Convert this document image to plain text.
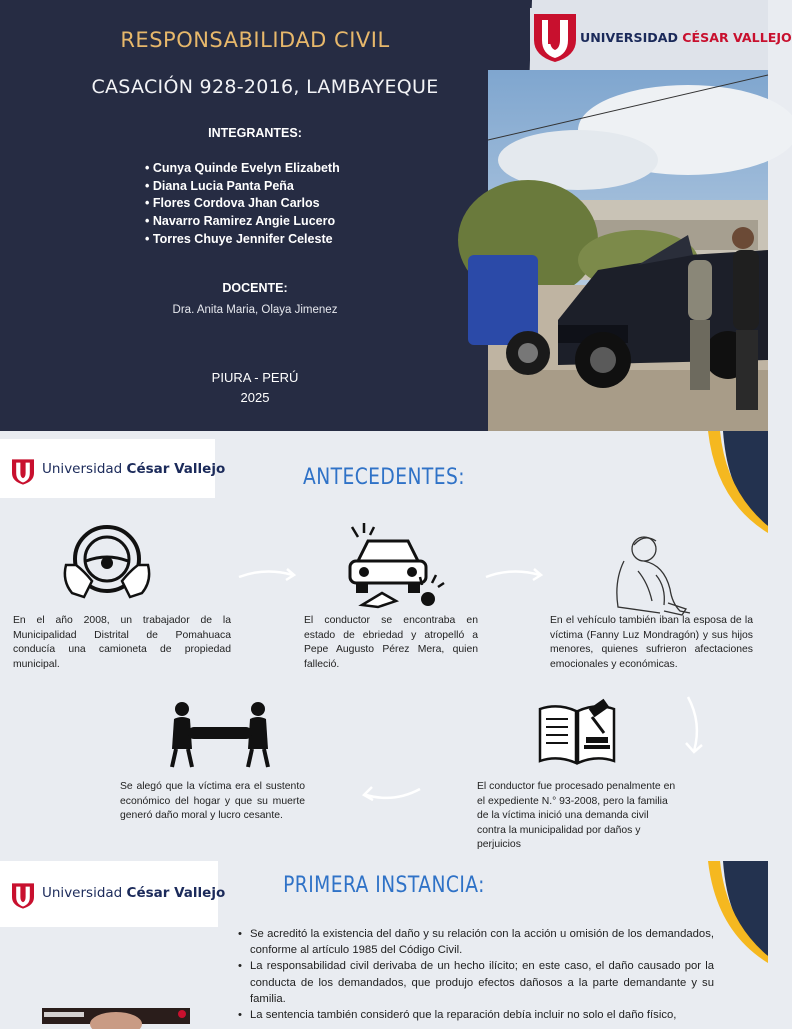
RESPONSABILIDAD CIVIL
CASACIÓN 928-2016, LAMBAYEQUE
INTEGRANTES:
• Cunya Quinde Evelyn Elizabeth
• Diana Lucia Panta Peña
• Flores Cordova Jhan Carlos
• Navarro Ramirez Angie Lucero
• Torres Chuye Jennifer Celeste
DOCENTE:
Dra. Anita Maria, Olaya Jimenez
PIURA - PERÚ
2025
UNIVERSIDAD CÉSAR VALLEJO
Universidad César Vallejo	ANTECEDENTES:
En el año 2008, un trabajador de la Municipalidad Distrital de Pomahuaca conducía una camioneta de propiedad municipal.
El conductor se encontraba en estado de ebriedad y atropelló a Pepe Augusto Pérez Mera, quien falleció.
En el vehículo también iban la esposa de la víctima (Fanny Luz Mondragón) y sus hijos menores, quienes sufrieron afectaciones emocionales y económicas.
El conductor fue procesado penalmente en el expediente N.° 93-2008, pero la familia de la víctima inició una demanda civil contra la municipalidad por daños y perjuicios
Se alegó que la víctima era el sustento económico del hogar y que su muerte generó daño moral y lucro cesante.
Universidad César Vallejo	PRIMERA INSTANCIA:
• Se acreditó la existencia del daño y su relación con la acción u omisión de los demandados, conforme al artículo 1985 del Código Civil.
• La responsabilidad civil derivaba de un hecho ilícito; en este caso, el daño causado por la conducta de los demandados, que produjo efectos dañosos a la parte demandante y su familia.
• La sentencia también consideró que la reparación debía incluir no solo el daño físico,
